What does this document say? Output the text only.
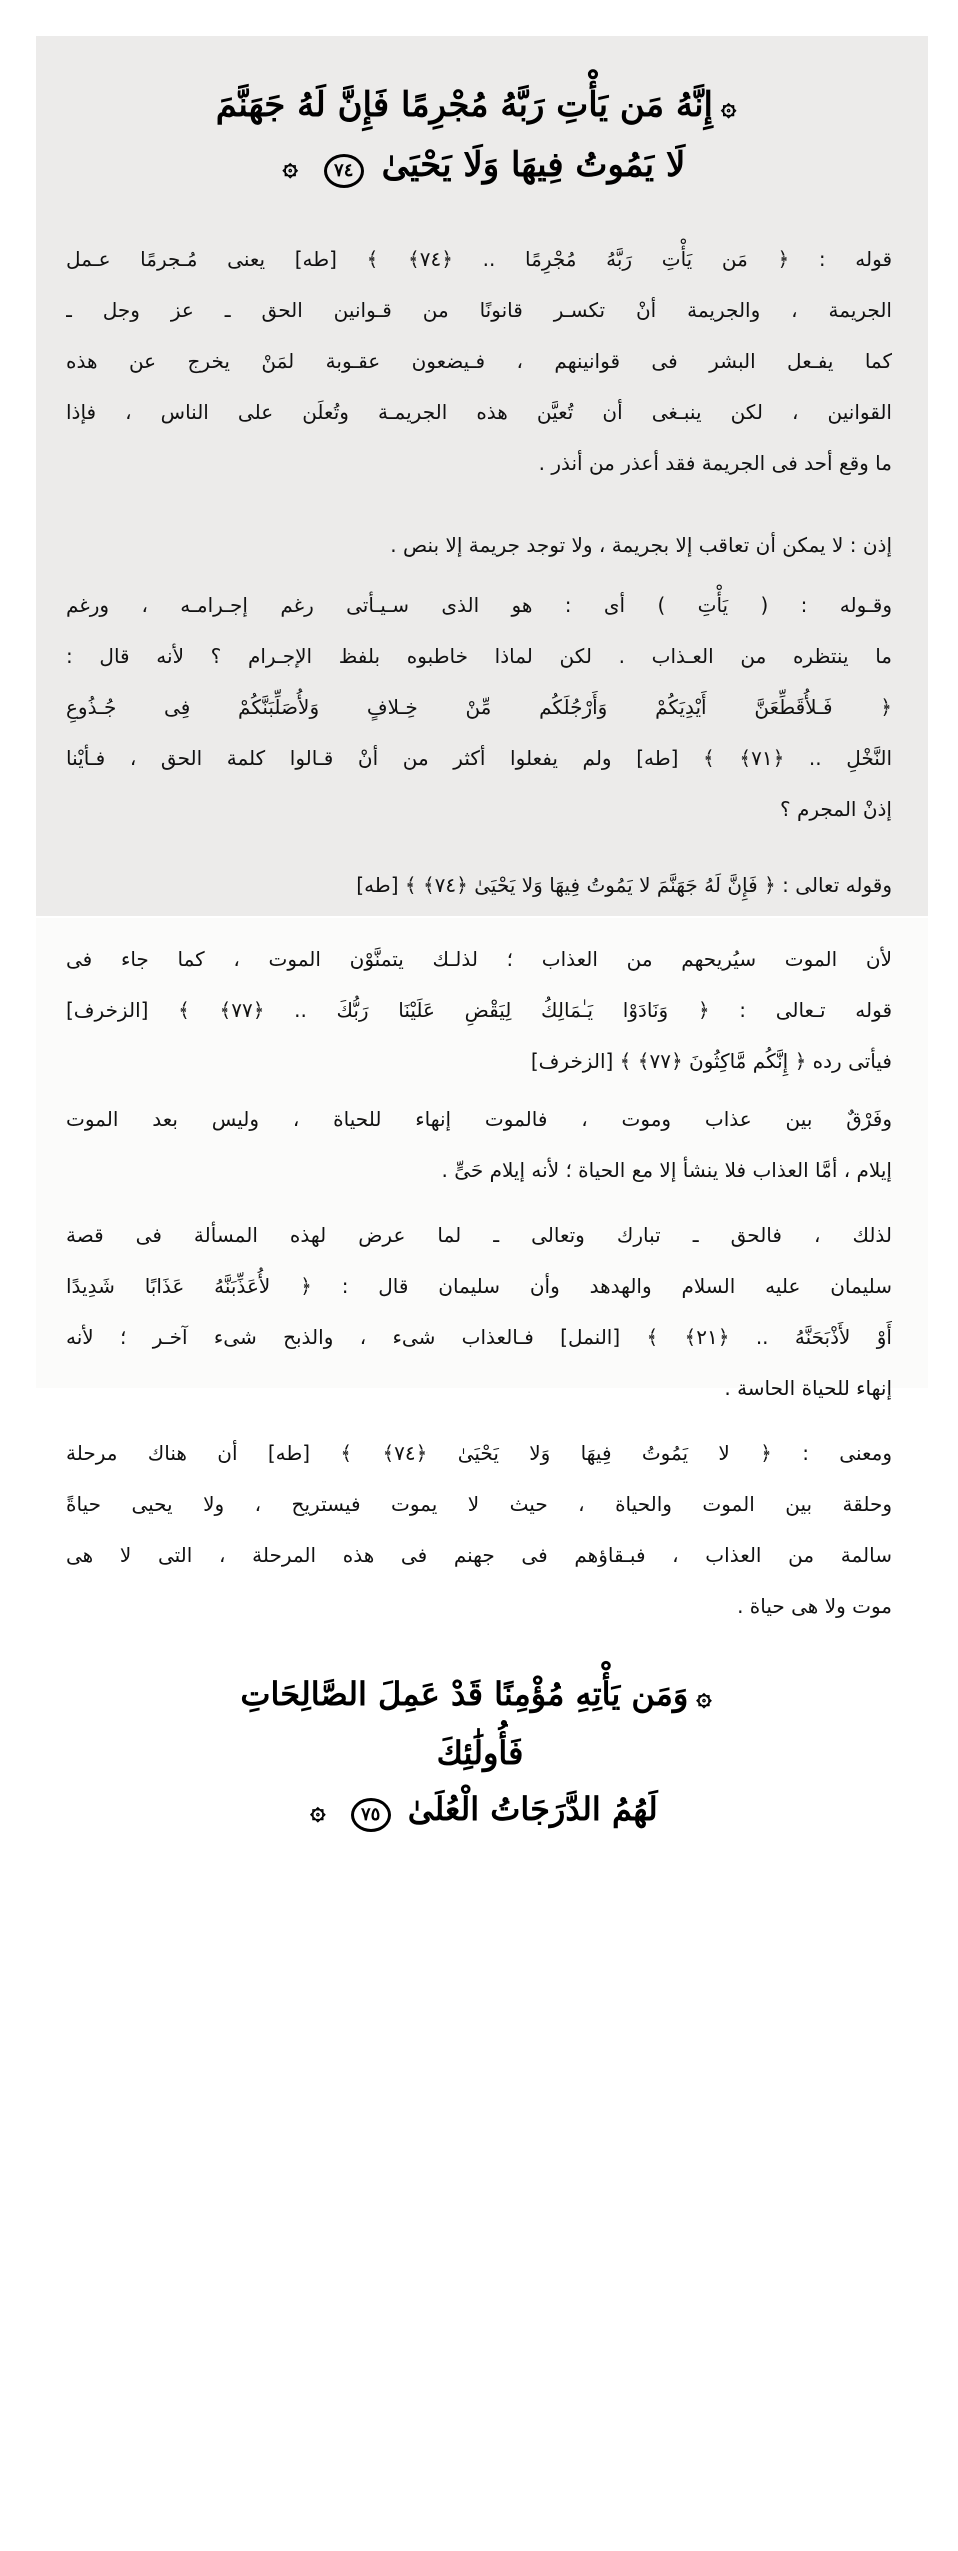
۞إِنَّهُ مَن يَأْتِ رَبَّهُ مُجْرِمًا فَإِنَّ لَهُ جَهَنَّمَ
لَا يَمُوتُ فِيهَا وَلَا يَحْيَىٰ ٧٤ ۞
قوله : ﴿ مَن يَأْتِ رَبَّهُ مُجْرِمًا .. ﴿٧٤﴾ ﴾ [طه] يعنى مُـجرمًا عـمل
الجريمة ، والجريمة أنْ تكسـر قانونًا من قـوانين الحق ـ عز وجل ـ
كما يفـعل البشر فى قوانينهم ، فـيضعون عقـوبة لمَنْ يخرج عن هذه
القوانين ، لكن ينبـغى أن تُعيَّن هذه الجريمـة وتُعلَن على الناس ، فإذا
ما وقع أحد فى الجريمة فقد أعذر من أنذر .
إذن : لا يمكن أن تعاقب إلا بجريمة ، ولا توجد جريمة إلا بنص .
وقـوله : ( يَأْتِ ) أى : هو الذى سـيـأتى رغم إجـرامـه ، ورغم
ما ينتظره من العـذاب . لكن لماذا خاطبوه بلفظ الإجـرام ؟ لأنه قال :
﴿ فَـلأُقَطِّعَنَّ أَيْدِيَكُمْ وَأَرْجُلَكُم مِّنْ خِـلافٍ وَلأُصَلِّبَنَّكُمْ فِى جُـذُوعِ
النَّخْلِ .. ﴿٧١﴾ ﴾ [طه] ولم يفعلوا أكثر من أنْ قـالوا كلمة الحق ، فـأيْنا
إذنْ المجرم ؟
وقوله تعالى : ﴿ فَإِنَّ لَهُ جَهَنَّمَ لا يَمُوتُ فِيهَا وَلا يَحْيَىٰ ﴿٧٤﴾ ﴾ [طه]
لأن الموت سيُريحهم من العذاب ؛ لذلـك يتمنَّوْن الموت ، كما جاء فى
قوله تـعالى : ﴿ وَنَادَوْا يَـٰمَالِكُ لِيَقْضِ عَلَيْنَا رَبُّكَ .. ﴿٧٧﴾ ﴾ [الزخرف]
فيأتى رده ﴿ إِنَّكُم مَّاكِثُونَ ﴿٧٧﴾ ﴾ [الزخرف]
وفَرْقٌ بين عذاب وموت ، فالموت إنهاء للحياة ، وليس بعد الموت
إيلام ، أمَّا العذاب فلا ينشأ إلا مع الحياة ؛ لأنه إيلام حَىٍّ .
لذلك ، فالحق ـ تبارك وتعالى ـ لما عرض لهذه المسألة فى قصة
سليمان عليه السلام والهدهد وأن سليمان قال : ﴿ لأُعَذِّبَنَّهُ عَذَابًا شَدِيدًا
أَوْ لأَذْبَحَنَّهُ .. ﴿٢١﴾ ﴾ [النمل] فـالعذاب شىء ، والذبح شىء آخـر ؛ لأنه
إنهاء للحياة الحاسة .
ومعنى : ﴿ لا يَمُوتُ فِيهَا وَلا يَحْيَىٰ ﴿٧٤﴾ ﴾ [طه] أن هناك مرحلة
وحلقة بين الموت والحياة ، حيث لا يموت فيستريح ، ولا يحيى حياةً
سالمة من العذاب ، فبـقاؤهم فى جهنم فى هذه المرحلة ، التى لا هى
موت ولا هى حياة .
۞وَمَن يَأْتِهِ مُؤْمِنًا قَدْ عَمِلَ الصَّالِحَاتِ فَأُولَٰئِكَ
لَهُمُ الدَّرَجَاتُ الْعُلَىٰ ٧٥ ۞
